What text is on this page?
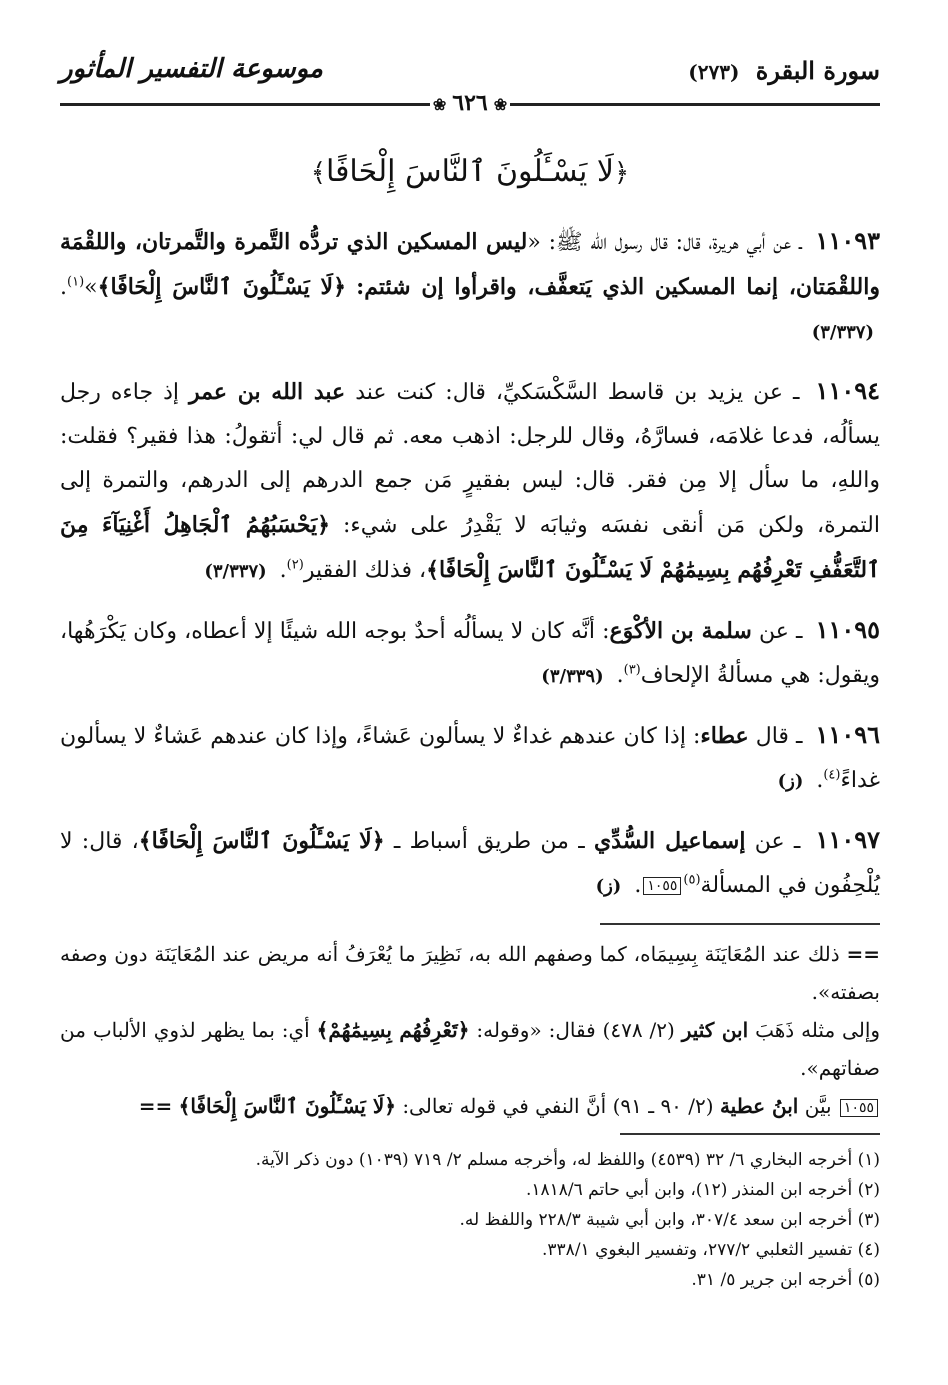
سورة البقرة (٢٧٣)
موسوعة التفسير المأثور
❀ ٦٢٦ ❀
﴿لَا يَسْـَٔلُونَ ٱلنَّاسَ إِلْحَافًا﴾
١١٠٩٣ ـ عن أبي هريرة، قال: قال رسول الله ﷺ: «ليس المسكين الذي تردُّه التَّمرة والتَّمرتان، واللقْمَة واللقْمَتان، إنما المسكين الذي يَتعفَّف، واقرأوا إن شئتم: ﴿لَا يَسْـَٔلُونَ ٱلنَّاسَ إِلْحَافًا﴾»$^{(١)}$. (٣/٣٣٧)
١١٠٩٤ ـ عن يزيد بن قاسط السَّكْسَكيِّ، قال: كنت عند عبد الله بن عمر إذ جاءه رجل يسألُه، فدعا غلامَه، فسارَّهُ، وقال للرجل: اذهب معه. ثم قال لي: أتقولُ: هذا فقير؟ فقلت: واللهِ، ما سأل إلا مِن فقر. قال: ليس بفقيرٍ مَن جمع الدرهم إلى الدرهم، والتمرة إلى التمرة، ولكن مَن أنقى نفسَه وثيابَه لا يَقْدِرُ على شيء: ﴿يَحْسَبُهُمُ ٱلْجَاهِلُ أَغْنِيَآءَ مِنَ ٱلتَّعَفُّفِ تَعْرِفُهُم بِسِيمَٰهُمْ لَا يَسْـَٔلُونَ ٱلنَّاسَ إِلْحَافًا﴾، فذلك الفقير$^{(٢)}$. (٣/٣٣٧)
١١٠٩٥ ـ عن سلمة بن الأكْوَع: أنَّه كان لا يسألُه أحدٌ بوجه الله شيئًا إلا أعطاه، وكان يَكْرَهُها، ويقول: هي مسألةُ الإلحاف$^{(٣)}$. (٣/٣٣٩)
١١٠٩٦ ـ قال عطاء: إذا كان عندهم غداءٌ لا يسألون عَشاءً، وإذا كان عندهم عَشاءٌ لا يسألون غداءً$^{(٤)}$. (ز)
١١٠٩٧ ـ عن إسماعيل السُّدِّي ـ من طريق أسباط ـ ﴿لَا يَسْـَٔلُونَ ٱلنَّاسَ إِلْحَافًا﴾، قال: لا يُلْحِفُون في المسألة$^{(٥)}$١٠٥٥. (ز)
== ذلك عند المُعَايَنَة بِسِيمَاه، كما وصفهم الله به، نَظِيرَ ما يُعْرَفُ أنه مريض عند المُعَايَنَة دون وصفه بصفته».
وإلى مثله ذَهَبَ ابن كثير (٢/ ٤٧٨) فقال: «وقوله: ﴿تَعْرِفُهُم بِسِيمَٰهُمْ﴾ أي: بما يظهر لذوي الألباب من صفاتهم».
١٠٥٥ بيَّن ابنُ عطية (٢/ ٩٠ ـ ٩١) أنَّ النفي في قوله تعالى: ﴿لَا يَسْـَٔلُونَ ٱلنَّاسَ إِلْحَافًا﴾ ==
(١) أخرجه البخاري ٦/ ٣٢ (٤٥٣٩) واللفظ له، وأخرجه مسلم ٢/ ٧١٩ (١٠٣٩) دون ذكر الآية.
(٢) أخرجه ابن المنذر (١٢)، وابن أبي حاتم ١٨١٨/٦.
(٣) أخرجه ابن سعد ٣٠٧/٤، وابن أبي شيبة ٢٢٨/٣ واللفظ له.
(٤) تفسير الثعلبي ٢٧٧/٢، وتفسير البغوي ٣٣٨/١.
(٥) أخرجه ابن جرير ٥/ ٣١.
